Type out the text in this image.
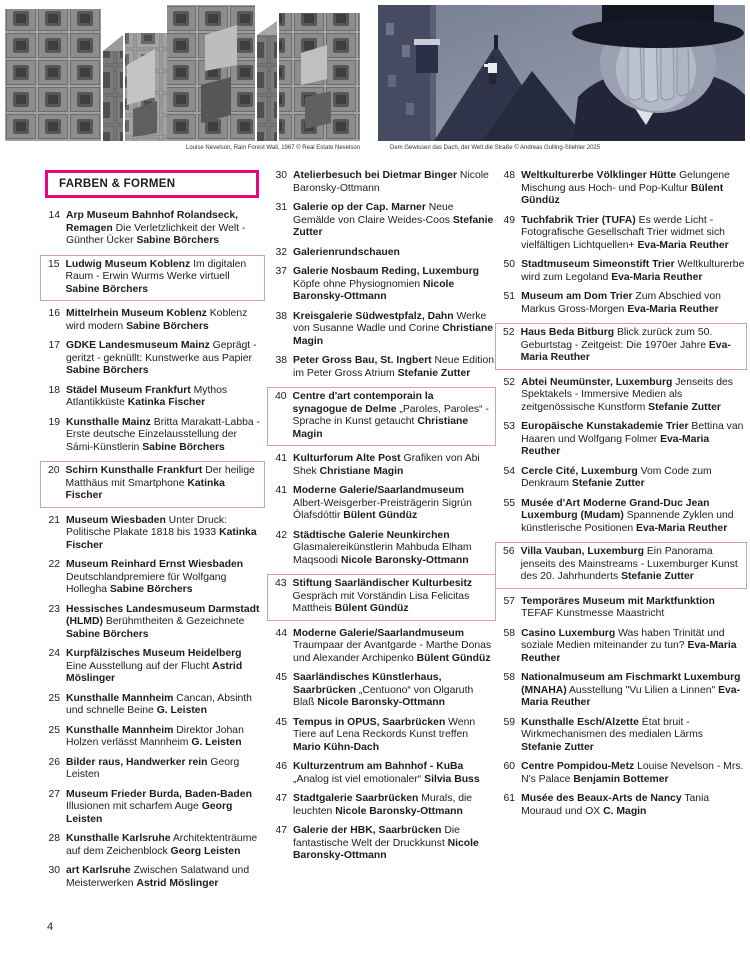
Louise Nevelson, Rain Forest Wall, 1967 © Real Estate Nevelson	Dem Gewissen das Dach, der Welt die Straße © Andreas Gulling-Stiehler 2025
FARBEN & FORMEN
14 Arp Museum Bahnhof Rolandseck, Remagen Die Verletzlichkeit der Welt - Günther Ücker Sabine Börchers
15 Ludwig Museum Koblenz Im digitalen Raum - Erwin Wurms Werke virtuell Sabine Börchers
16 Mittelrhein Museum Koblenz Koblenz wird modern Sabine Börchers
17 GDKE Landesmuseum Mainz Geprägt - geritzt - geknüllt: Kunstwerke aus Papier Sabine Börchers
18 Städel Museum Frankfurt Mythos Atlantikküste Katinka Fischer
19 Kunsthalle Mainz Britta Marakatt-Labba - Erste deutsche Einzelausstellung der Sámi-Künstlerin Sabine Börchers
20 Schirn Kunsthalle Frankfurt Der heilige Matthäus mit Smartphone Katinka Fischer
21 Museum Wiesbaden Unter Druck: Politische Plakate 1818 bis 1933 Katinka Fischer
22 Museum Reinhard Ernst Wiesbaden Deutschlandpremiere für Wolfgang Hollegha Sabine Börchers
23 Hessisches Landesmuseum Darmstadt (HLMD) Berühmtheiten & Gezeichnete Sabine Börchers
24 Kurpfälzisches Museum Heidelberg Eine Ausstellung auf der Flucht Astrid Möslinger
25 Kunsthalle Mannheim Cancan, Absinth und schnelle Beine G. Leisten
25 Kunsthalle Mannheim Direktor Johan Holzen verlässt Mannheim G. Leisten
26 Bilder raus, Handwerker rein Georg Leisten
27 Museum Frieder Burda, Baden-Baden Illusionen mit scharfem Auge Georg Leisten
28 Kunsthalle Karlsruhe Architektenträume auf dem Zeichenblock Georg Leisten
30 art Karlsruhe Zwischen Salatwand und Meisterwerken Astrid Möslinger
30 Atelierbesuch bei Dietmar Binger Nicole Baronsky-Ottmann
31 Galerie op der Cap. Marner Neue Gemälde von Claire Weides-Coos Stefanie Zutter
32 Galerienrundschauen
37 Galerie Nosbaum Reding, Luxemburg Köpfe ohne Physiognomien Nicole Baronsky-Ottmann
38 Kreisgalerie Südwestpfalz, Dahn Werke von Susanne Wadle und Corine Christiane Magin
38 Peter Gross Bau, St. Ingbert Neue Edition im Peter Gross Atrium Stefanie Zutter
40 Centre d'art contemporain la synagogue de Delme „Paroles, Paroles“ - Sprache in Kunst getaucht Christiane Magin
41 Kulturforum Alte Post Grafiken von Abi Shek Christiane Magin
41 Moderne Galerie/Saarlandmuseum Albert-Weisgerber-Preisträgerin Sigrún Ólafsdóttir Bülent Gündüz
42 Städtische Galerie Neunkirchen Glasmalereikünstlerin Mahbuda Elham Maqsoodi Nicole Baronsky-Ottmann
43 Stiftung Saarländischer Kulturbesitz Gespräch mit Vorständin Lisa Felicitas Mattheis Bülent Gündüz
44 Moderne Galerie/Saarlandmuseum Traumpaar der Avantgarde - Marthe Donas und Alexander Archipenko Bülent Gündüz
45 Saarländisches Künstlerhaus, Saarbrücken „Centuono“ von Olgaruth Blaß Nicole Baronsky-Ottmann
45 Tempus in OPUS, Saarbrücken Wenn Tiere auf Lena Reckords Kunst treffen Mario Kühn-Dach
46 Kulturzentrum am Bahnhof - KuBa „Analog ist viel emotionaler“ Silvia Buss
47 Stadtgalerie Saarbrücken Murals, die leuchten Nicole Baronsky-Ottmann
47 Galerie der HBK, Saarbrücken Die fantastische Welt der Druckkunst Nicole Baronsky-Ottmann
48 Weltkulturerbe Völklinger Hütte Gelungene Mischung aus Hoch- und Pop-Kultur Bülent Gündüz
49 Tuchfabrik Trier (TUFA) Es werde Licht - Fotografische Gesellschaft Trier widmet sich vielfältigen Lichtquellen+ Eva-Maria Reuther
50 Stadtmuseum Simeonstift Trier Weltkulturerbe wird zum Legoland Eva-Maria Reuther
51 Museum am Dom Trier Zum Abschied von Markus Gross-Morgen Eva-Maria Reuther
52 Haus Beda Bitburg Blick zurück zum 50. Geburtstag - Zeitgeist: Die 1970er Jahre Eva-Maria Reuther
52 Abtei Neumünster, Luxemburg Jenseits des Spektakels - Immersive Medien als zeitgenössische Kunstform Stefanie Zutter
53 Europäische Kunstakademie Trier Bettina van Haaren und Wolfgang Folmer Eva-Maria Reuther
54 Cercle Cité, Luxemburg Vom Code zum Denkraum Stefanie Zutter
55 Musée d'Art Moderne Grand-Duc Jean Luxemburg (Mudam) Spannende Zyklen und künstlerische Positionen Eva-Maria Reuther
56 Villa Vauban, Luxemburg Ein Panorama jenseits des Mainstreams - Luxemburger Kunst des 20. Jahrhunderts Stefanie Zutter
57 Temporäres Museum mit Marktfunktion TEFAF Kunstmesse Maastricht
58 Casino Luxemburg Was haben Trinität und soziale Medien miteinander zu tun? Eva-Maria Reuther
58 Nationalmuseum am Fischmarkt Luxemburg (MNAHA) Ausstellung "Vu Lilien a Linnen" Eva-Maria Reuther
59 Kunsthalle Esch/Alzette État bruit - Wirkmechanismen des medialen Lärms Stefanie Zutter
60 Centre Pompidou-Metz Louise Nevelson - Mrs. N's Palace Benjamin Bottemer
61 Musée des Beaux-Arts de Nancy Tania Mouraud und OX C. Magin
4
